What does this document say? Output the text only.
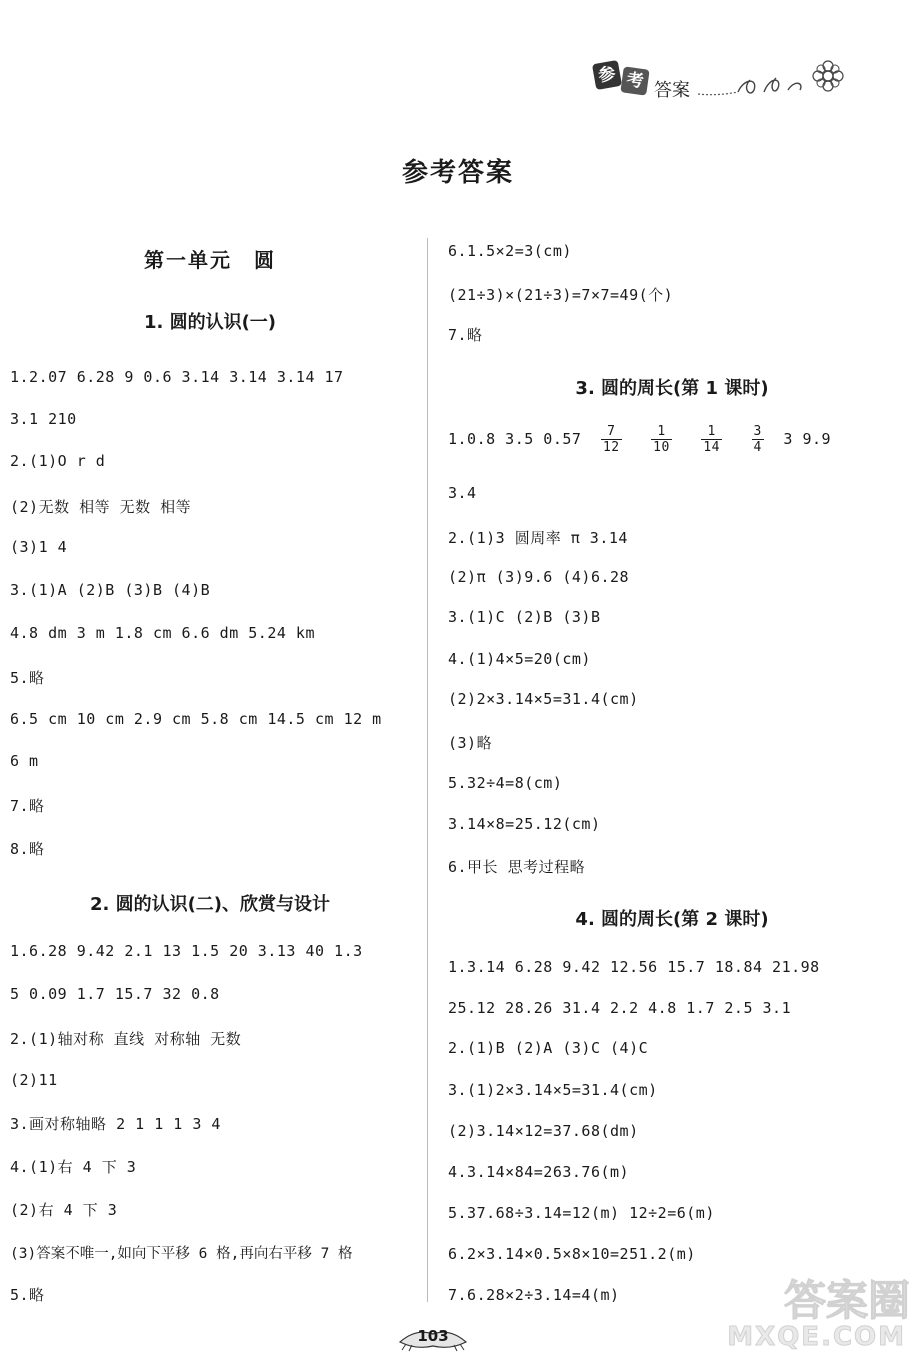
参 考 答案
参考答案
第一单元　圆
1. 圆的认识(一)
1.2.07 6.28 9 0.6 3.14 3.14 3.14 17
3.1 210
2.(1)O r d
(2)无数 相等 无数 相等
(3)1 4
3.(1)A (2)B (3)B (4)B
4.8 dm 3 m 1.8 cm 6.6 dm 5.24 km
5.略
6.5 cm 10 cm 2.9 cm 5.8 cm 14.5 cm 12 m
6 m
7.略
8.略
2. 圆的认识(二)、欣赏与设计
1.6.28 9.42 2.1 13 1.5 20 3.13 40 1.3
5 0.09 1.7 15.7 32 0.8
2.(1)轴对称 直线 对称轴 无数
(2)11
3.画对称轴略 2 1 1 1 3 4
4.(1)右 4 下 3
(2)右 4 下 3
(3)答案不唯一,如向下平移 6 格,再向右平移 7 格
5.略
6.1.5×2=3(cm)
(21÷3)×(21÷3)=7×7=49(个)
7.略
3. 圆的周长(第 1 课时)
1.0.8 3.5 $0.57 \frac{7}{12}$
$\frac{1}{10}$
$\frac{1}{14}$
$\frac{3}{4} 3$ 9.9
3.4
2.(1)3 圆周率 π 3.14
(2)π (3)9.6 (4)6.28
3.(1)C (2)B (3)B
4.(1)4×5=20(cm)
(2)2×3.14×5=31.4(cm)
(3)略
5.32÷4=8(cm)
3.14×8=25.12(cm)
6.甲长 思考过程略
4. 圆的周长(第 2 课时)
1.3.14 6.28 9.42 12.56 15.7 18.84 21.98
25.12 28.26 31.4 2.2 4.8 1.7 2.5 3.1
2.(1)B (2)A (3)C (4)C
3.(1)2×3.14×5=31.4(cm)
(2)3.14×12=37.68(dm)
4.3.14×84=263.76(m)
5.37.68÷3.14=12(m) 12÷2=6(m)
6.2×3.14×0.5×8×10=251.2(m)
7.6.28×2÷3.14=4(m)
103
答案圈
MXQE.COM
